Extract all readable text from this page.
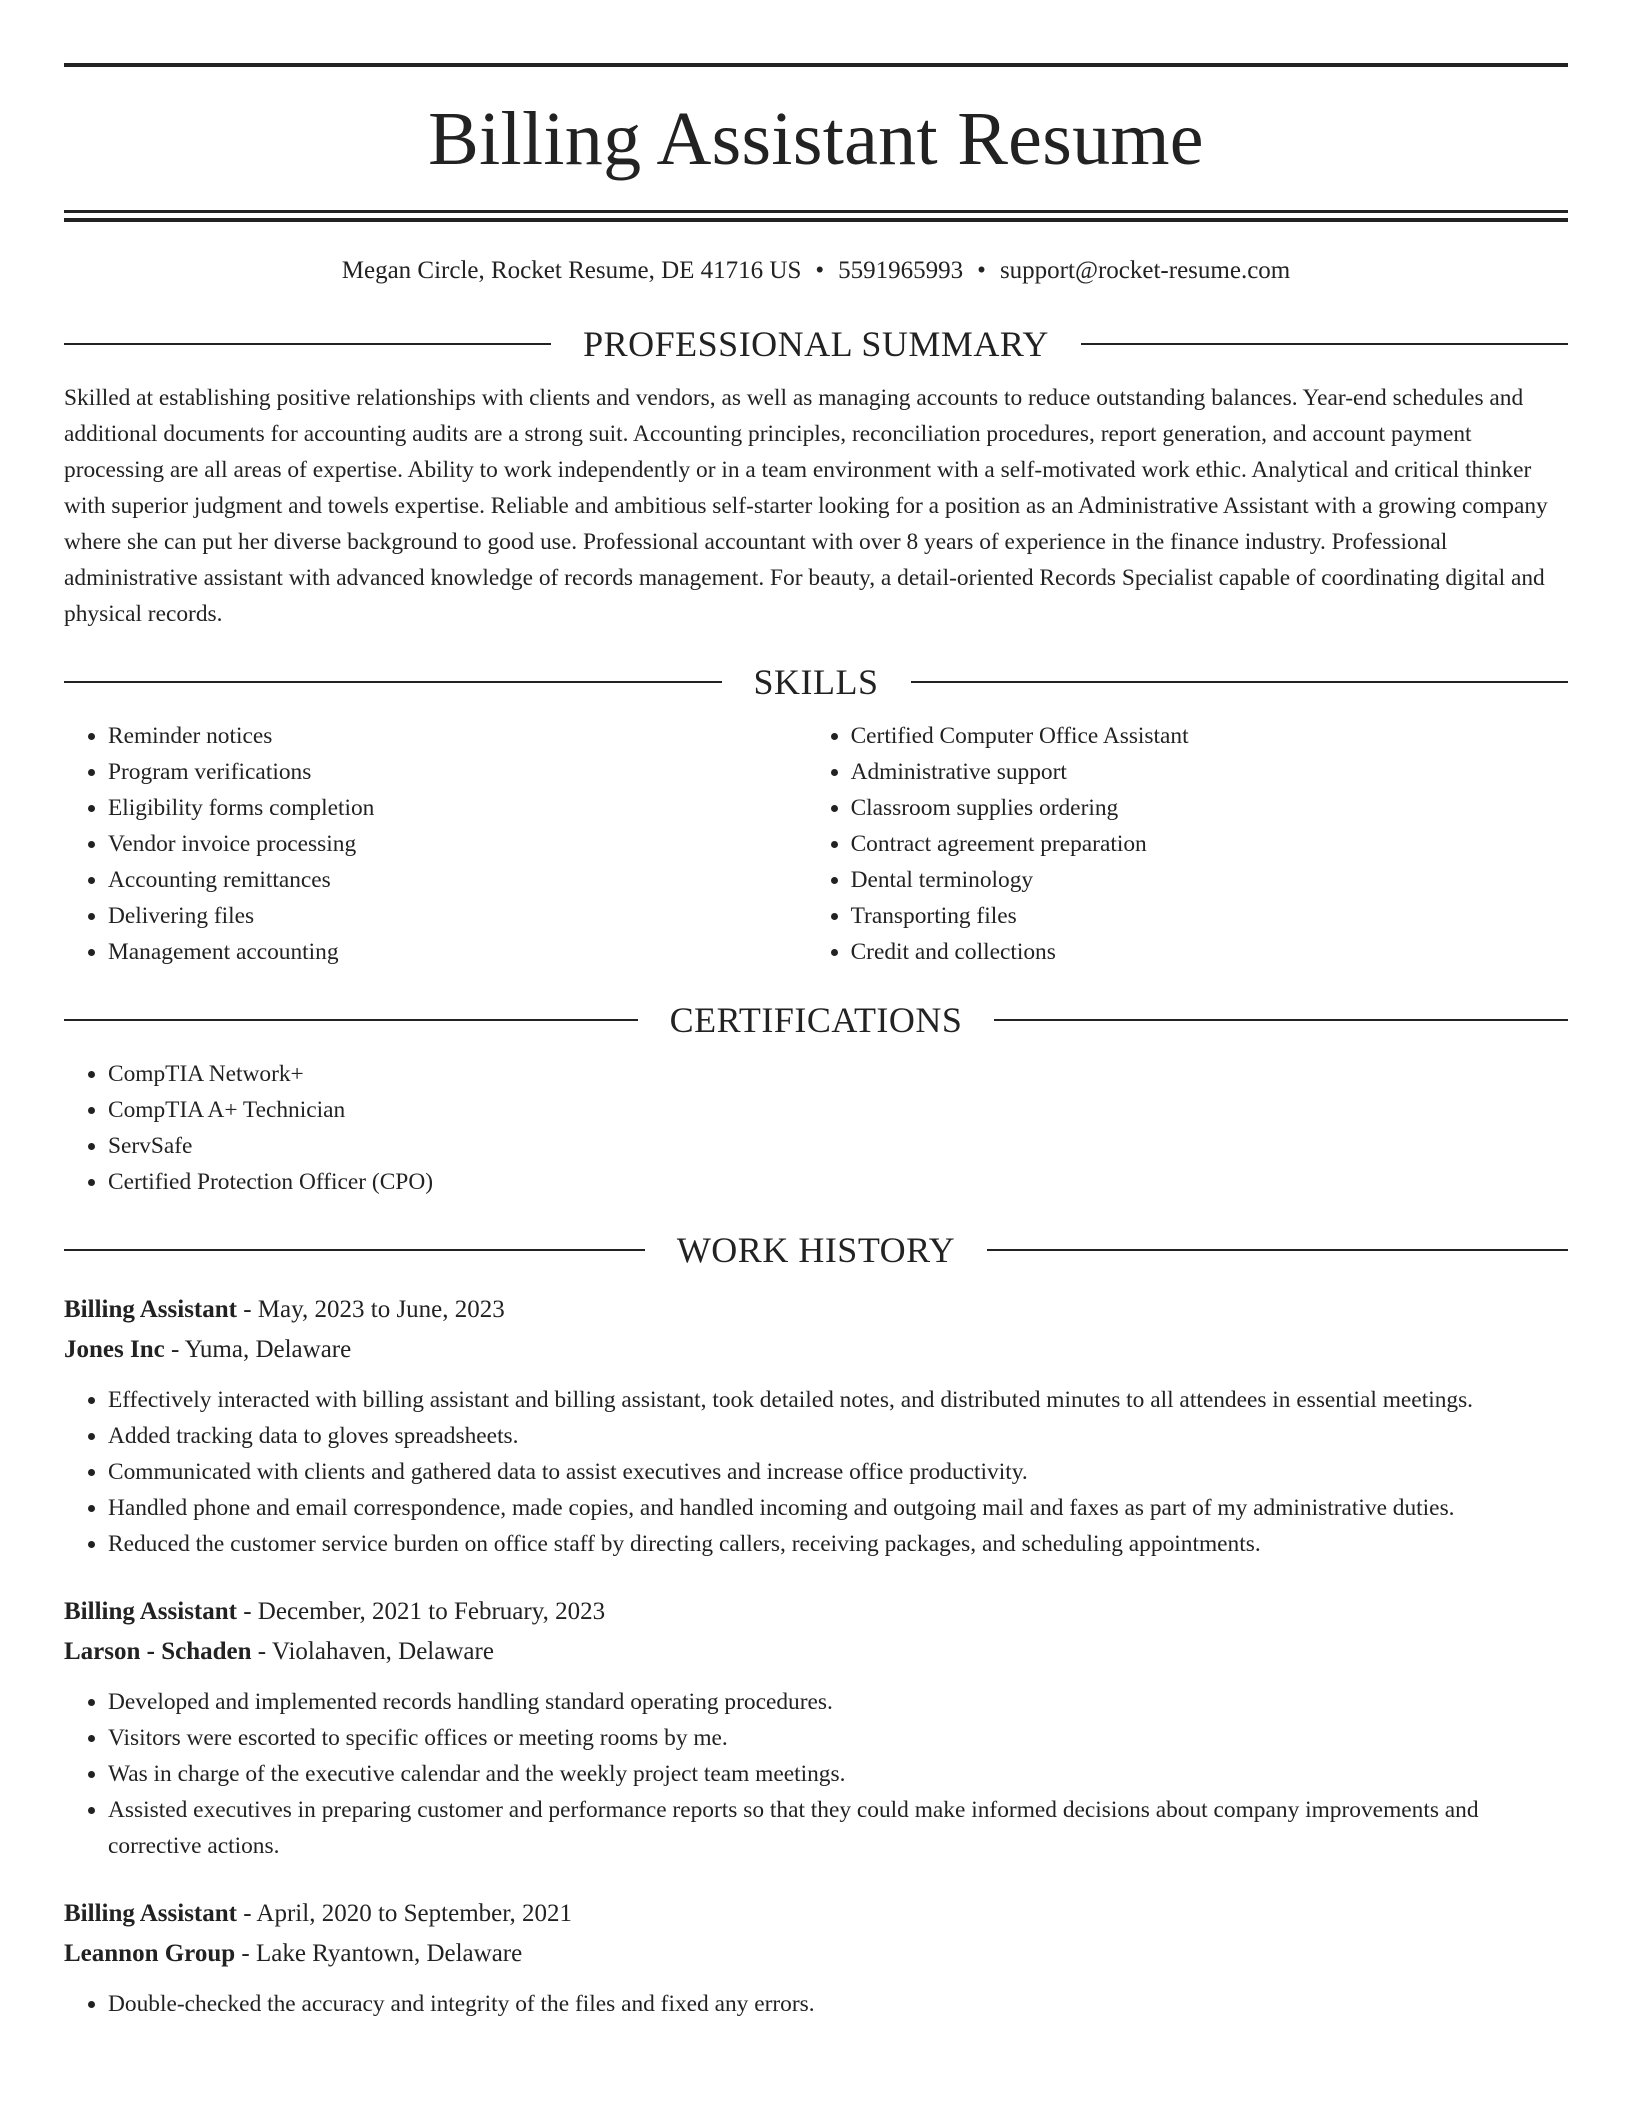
Billing Assistant Resume
Megan Circle, Rocket Resume, DE 41716 US • 5591965993 • support@rocket-resume.com
PROFESSIONAL SUMMARY
Skilled at establishing positive relationships with clients and vendors, as well as managing accounts to reduce outstanding balances. Year-end schedules and additional documents for accounting audits are a strong suit. Accounting principles, reconciliation procedures, report generation, and account payment processing are all areas of expertise. Ability to work independently or in a team environment with a self-motivated work ethic. Analytical and critical thinker with superior judgment and towels expertise. Reliable and ambitious self-starter looking for a position as an Administrative Assistant with a growing company where she can put her diverse background to good use. Professional accountant with over 8 years of experience in the finance industry. Professional administrative assistant with advanced knowledge of records management. For beauty, a detail-oriented Records Specialist capable of coordinating digital and physical records.
SKILLS
• Reminder notices
• Program verifications
• Eligibility forms completion
• Vendor invoice processing
• Accounting remittances
• Delivering files
• Management accounting
• Certified Computer Office Assistant
• Administrative support
• Classroom supplies ordering
• Contract agreement preparation
• Dental terminology
• Transporting files
• Credit and collections
CERTIFICATIONS
• CompTIA Network+
• CompTIA A+ Technician
• ServSafe
• Certified Protection Officer (CPO)
WORK HISTORY
Billing Assistant - May, 2023 to June, 2023
Jones Inc - Yuma, Delaware
• Effectively interacted with billing assistant and billing assistant, took detailed notes, and distributed minutes to all attendees in essential meetings.
• Added tracking data to gloves spreadsheets.
• Communicated with clients and gathered data to assist executives and increase office productivity.
• Handled phone and email correspondence, made copies, and handled incoming and outgoing mail and faxes as part of my administrative duties.
• Reduced the customer service burden on office staff by directing callers, receiving packages, and scheduling appointments.
Billing Assistant - December, 2021 to February, 2023
Larson - Schaden - Violahaven, Delaware
• Developed and implemented records handling standard operating procedures.
• Visitors were escorted to specific offices or meeting rooms by me.
• Was in charge of the executive calendar and the weekly project team meetings.
• Assisted executives in preparing customer and performance reports so that they could make informed decisions about company improvements and corrective actions.
Billing Assistant - April, 2020 to September, 2021
Leannon Group - Lake Ryantown, Delaware
• Double-checked the accuracy and integrity of the files and fixed any errors.
